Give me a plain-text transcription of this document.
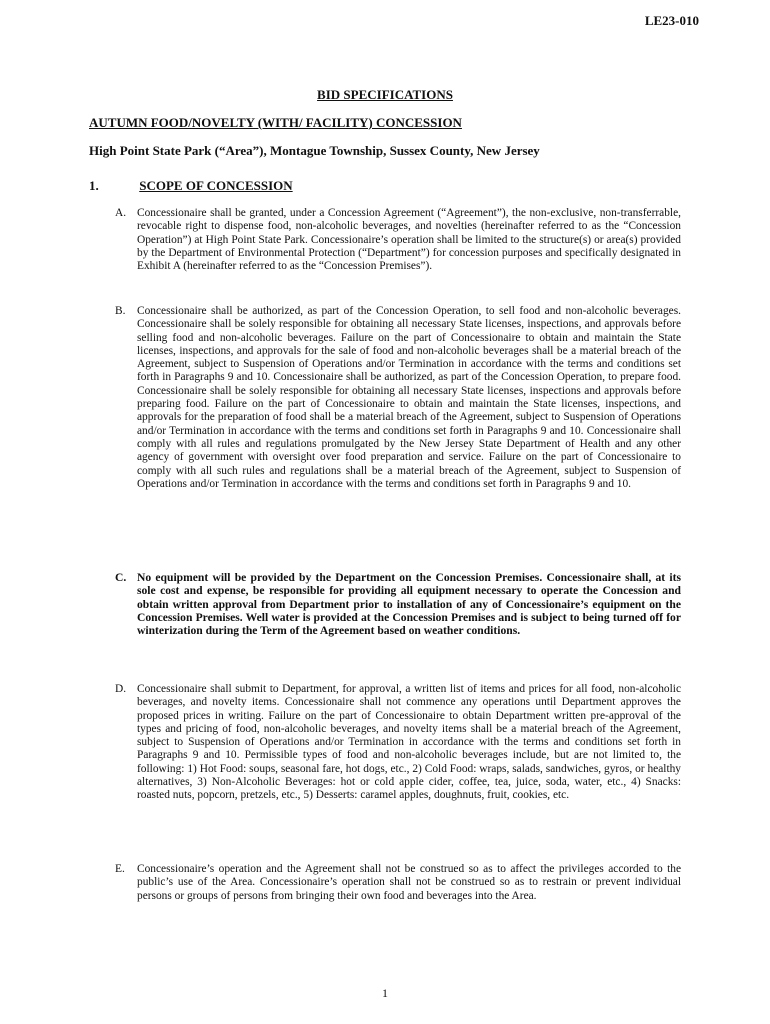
LE23-010
BID SPECIFICATIONS
AUTUMN FOOD/NOVELTY (WITH/ FACILITY) CONCESSION
High Point State Park (“Area”), Montague Township, Sussex County, New Jersey
1.	SCOPE OF CONCESSION
A. Concessionaire shall be granted, under a Concession Agreement (“Agreement”), the non-exclusive, non-transferrable, revocable right to dispense food, non-alcoholic beverages, and novelties (hereinafter referred to as the “Concession Operation”) at High Point State Park. Concessionaire’s operation shall be limited to the structure(s) or area(s) provided by the Department of Environmental Protection (“Department”) for concession purposes and specifically designated in Exhibit A (hereinafter referred to as the “Concession Premises”).
B. Concessionaire shall be authorized, as part of the Concession Operation, to sell food and non-alcoholic beverages. Concessionaire shall be solely responsible for obtaining all necessary State licenses, inspections, and approvals before selling food and non-alcoholic beverages. Failure on the part of Concessionaire to obtain and maintain the State licenses, inspections, and approvals for the sale of food and non-alcoholic beverages shall be a material breach of the Agreement, subject to Suspension of Operations and/or Termination in accordance with the terms and conditions set forth in Paragraphs 9 and 10. Concessionaire shall be authorized, as part of the Concession Operation, to prepare food. Concessionaire shall be solely responsible for obtaining all necessary State licenses, inspections and approvals before preparing food. Failure on the part of Concessionaire to obtain and maintain the State licenses, inspections, and approvals for the preparation of food shall be a material breach of the Agreement, subject to Suspension of Operations and/or Termination in accordance with the terms and conditions set forth in Paragraphs 9 and 10. Concessionaire shall comply with all rules and regulations promulgated by the New Jersey State Department of Health and any other agency of government with oversight over food preparation and service. Failure on the part of Concessionaire to comply with all such rules and regulations shall be a material breach of the Agreement, subject to Suspension of Operations and/or Termination in accordance with the terms and conditions set forth in Paragraphs 9 and 10.
C. No equipment will be provided by the Department on the Concession Premises. Concessionaire shall, at its sole cost and expense, be responsible for providing all equipment necessary to operate the Concession and obtain written approval from Department prior to installation of any of Concessionaire’s equipment on the Concession Premises. Well water is provided at the Concession Premises and is subject to being turned off for winterization during the Term of the Agreement based on weather conditions.
D. Concessionaire shall submit to Department, for approval, a written list of items and prices for all food, non-alcoholic beverages, and novelty items. Concessionaire shall not commence any operations until Department approves the proposed prices in writing. Failure on the part of Concessionaire to obtain Department written pre-approval of the types and pricing of food, non-alcoholic beverages, and novelty items shall be a material breach of the Agreement, subject to Suspension of Operations and/or Termination in accordance with the terms and conditions set forth in Paragraphs 9 and 10. Permissible types of food and non-alcoholic beverages include, but are not limited to, the following: 1) Hot Food: soups, seasonal fare, hot dogs, etc., 2) Cold Food: wraps, salads, sandwiches, gyros, or healthy alternatives, 3) Non-Alcoholic Beverages: hot or cold apple cider, coffee, tea, juice, soda, water, etc., 4) Snacks: roasted nuts, popcorn, pretzels, etc., 5) Desserts: caramel apples, doughnuts, fruit, cookies, etc.
E. Concessionaire’s operation and the Agreement shall not be construed so as to affect the privileges accorded to the public’s use of the Area. Concessionaire’s operation shall not be construed so as to restrain or prevent individual persons or groups of persons from bringing their own food and beverages into the Area.
1
